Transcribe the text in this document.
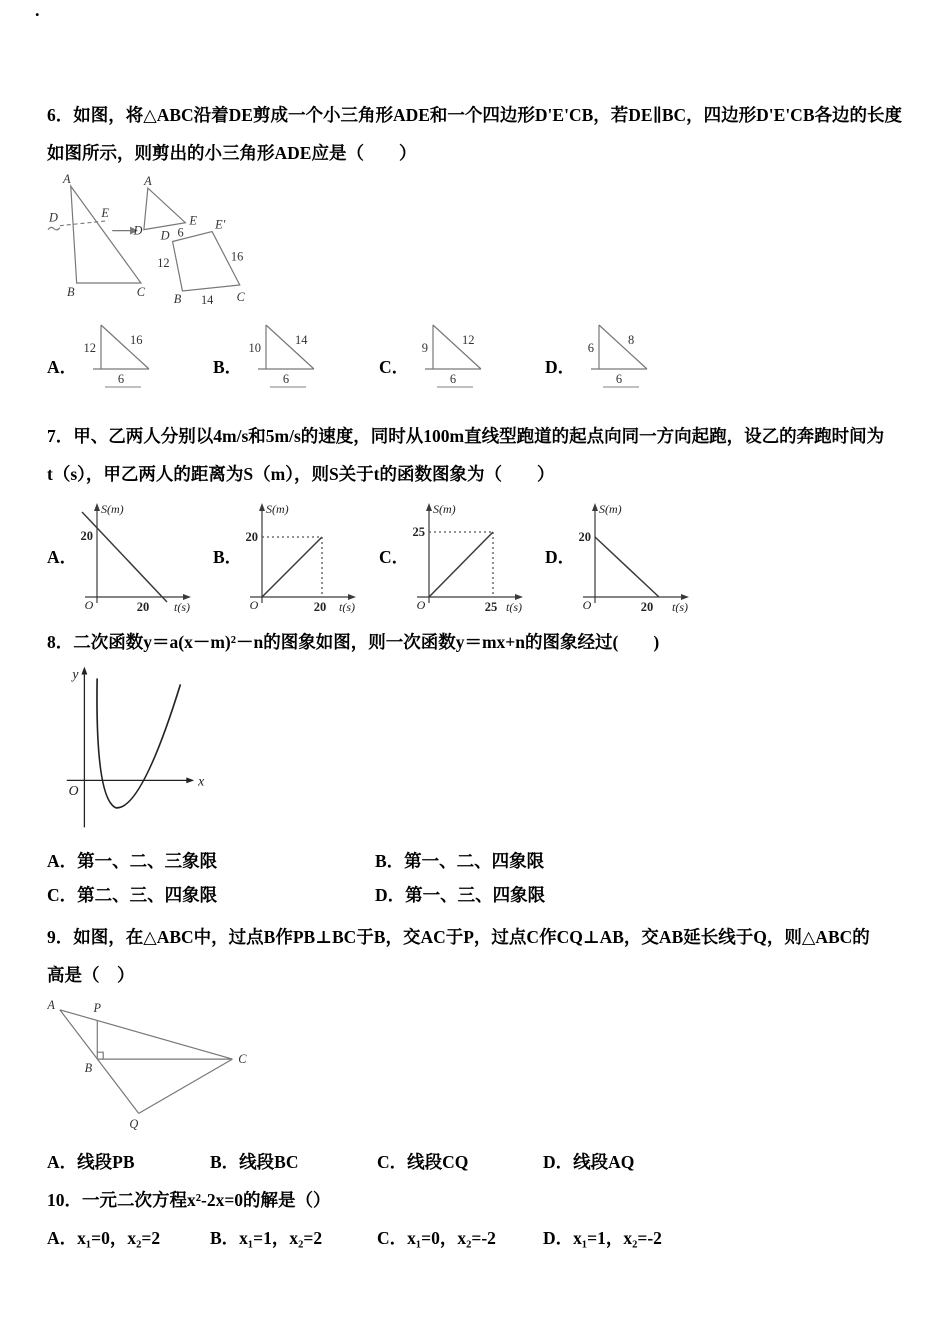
.

6．如图，将△ABC沿着DE剪成一个小三角形ADE和一个四边形D'E'CB，若DE∥BC，四边形D'E'CB各边的长度

如图所示，则剪出的小三角形ADE应是（　　）

A
D	E
B	C
A
D
E
6
D
E'
12	16
B 14 C
A．
12
16
6
B．
10
14
6
C．
9
12
6
D．
6
8
6

7．甲、乙两人分别以4m/s和5m/s的速度，同时从100m直线型跑道的起点向同一方向起跑，设乙的奔跑时间为

t（s），甲乙两人的距离为S（m），则S关于t的函数图象为（　　）

A．
S(m)
t(s)
O
20
20
B．
S(m)
t(s)
O
20
20
C．
S(m)
t(s)
O
25
25
D．
S(m)
t(s)
O
20
20

8．二次函数y＝a(x－m)²－n的图象如图，则一次函数y＝mx+n的图象经过(　　)

y
x
O
A．第一、二、三象限	B．第一、二、四象限
C．第二、三、四象限	D．第一、三、四象限

9．如图，在△ABC中，过点B作PB⊥BC于B，交AC于P，过点C作CQ⊥AB，交AB延长线于Q，则△ABC的

高是（　）

A	P
B
C
Q
A．线段PB	B．线段BC	C．线段CQ	D．线段AQ

10．一元二次方程x²-2x=0的解是（）

A．x₁=0，x₂=2	B．x₁=1，x₂=2	C．x₁=0，x₂=-2	D．x₁=1，x₂=-2
